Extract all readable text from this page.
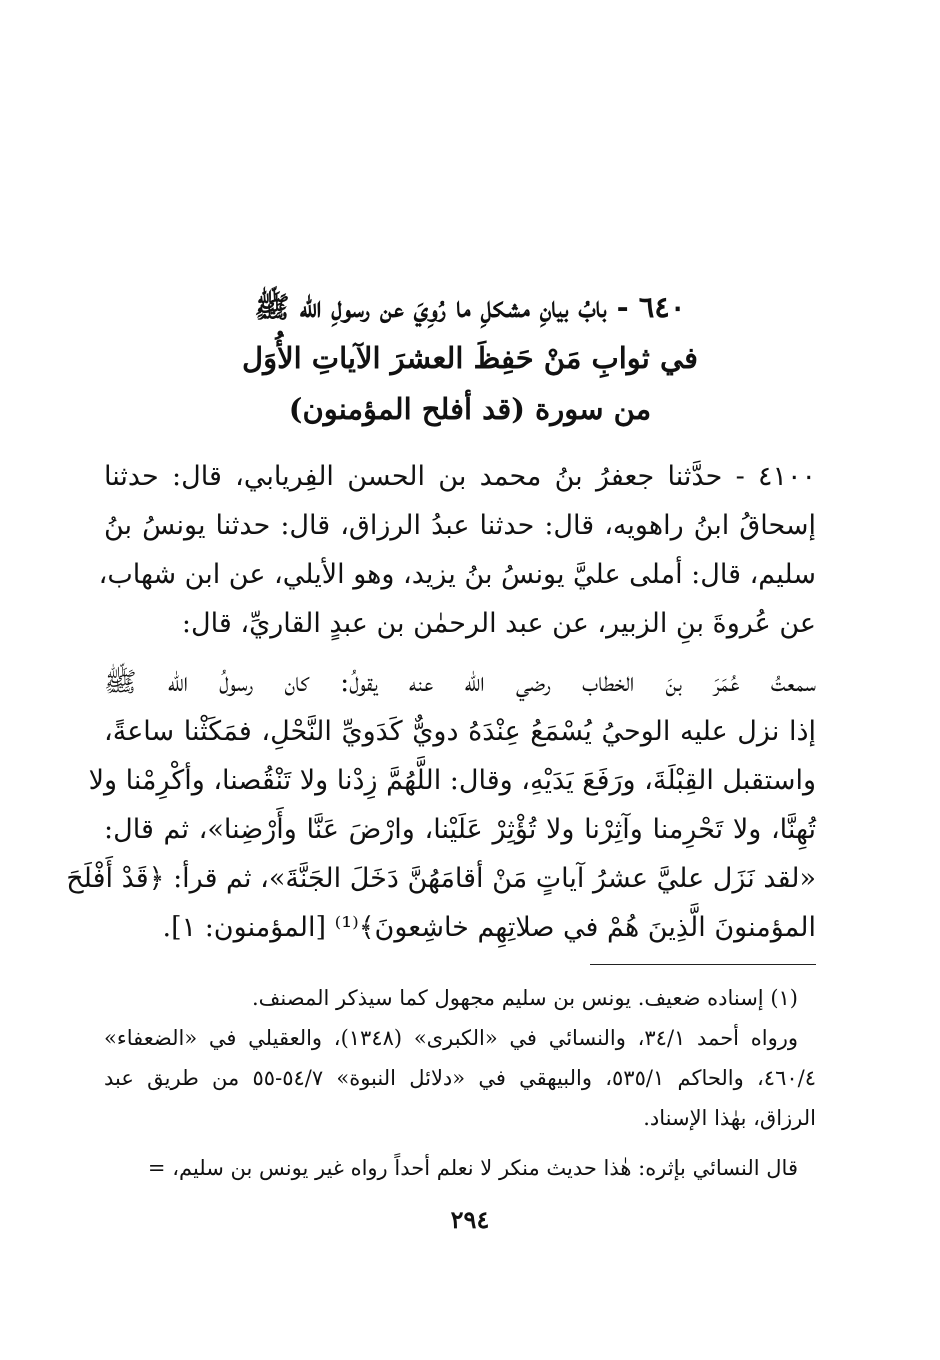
٦٤٠ - بابُ بيانِ مشكلِ ما رُوِيَ عن رسولِ الله ﷺ
في ثوابِ مَنْ حَفِظَ العشرَ الآياتِ الأُوَل
من سورة (قد أفلح المؤمنون)
٤١٠٠ - حدَّثنا جعفرُ بنُ محمد بن الحسن الفِريابي، قال: حدثنا
إسحاقُ ابنُ راهويه، قال: حدثنا عبدُ الرزاق، قال: حدثنا يونسُ بنُ
سليم، قال: أملى عليَّ يونسُ بنُ يزيد، وهو الأيلي، عن ابن شهاب،
عن عُروةَ بنِ الزبير، عن عبد الرحمٰن بن عبدٍ القاريِّ، قال:
سمعتُ عُمَرَ بنَ الخطاب رضي الله عنه يقولُ: كان رسولُ الله ﷺ
إذا نزل عليه الوحيُ يُسْمَعُ عِنْدَهُ دويٌّ كَدَويِّ النَّحْلِ، فمَكَثْنا ساعةً،
واستقبل القِبْلَةَ، ورَفَعَ يَدَيْهِ، وقال: اللَّهُمَّ زِدْنا ولا تَنْقُصنا، وأكْرِمْنا ولا
تُهِنَّا، ولا تَحْرِمنا وآثِرْنا ولا تُؤْثِرْ عَلَيْنا، وارْضَ عَنَّا وأَرْضِنا»، ثم قال:
«لقد نَزَل عليَّ عشرُ آياتٍ مَنْ أقامَهُنَّ دَخَلَ الجَنَّةَ»، ثم قرأ: ﴿قَدْ أَفْلَحَ
المؤمنونَ الَّذِينَ هُمْ في صلاتِهِم خاشِعونَ﴾⁽¹⁾ [المؤمنون: ١].
(١) إسناده ضعيف. يونس بن سليم مجهول كما سيذكر المصنف.
ورواه أحمد ٣٤/١، والنسائي في «الكبرى» (١٣٤٨)، والعقيلي في «الضعفاء»
٤٦٠/٤، والحاكم ٥٣٥/١، والبيهقي في «دلائل النبوة» ٥٤/٧-٥٥ من طريق عبد
الرزاق، بهٰذا الإسناد.
قال النسائي بإثره: هٰذا حديث منكر لا نعلم أحداً رواه غير يونس بن سليم، =
٢٩٤
